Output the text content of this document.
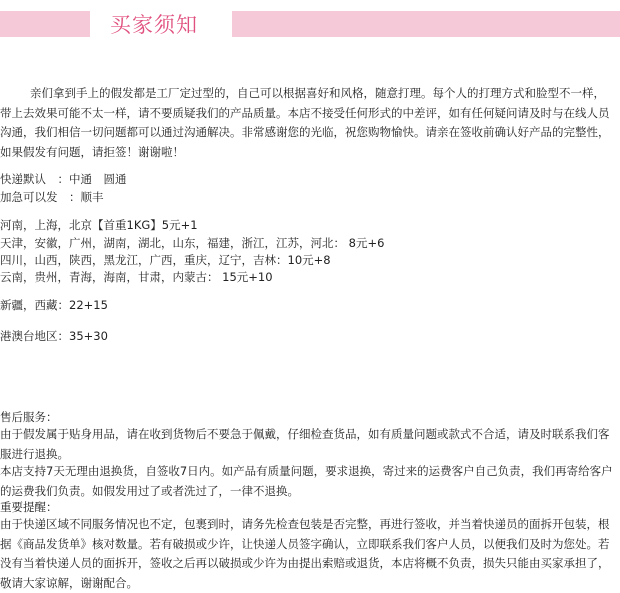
买家须知
亲们拿到手上的假发都是工厂定过型的，自己可以根据喜好和风格，随意打理。每个人的打理方式和脸型不一样，带上去效果可能不太一样，请不要质疑我们的产品质量。本店不接受任何形式的中差评，如有任何疑问请及时与在线人员沟通，我们相信一切问题都可以通过沟通解决。非常感谢您的光临，祝您购物愉快。请亲在签收前确认好产品的完整性，如果假发有问题，请拒签！谢谢啦！
快递默认　：中通　圆通
加急可以发　：顺丰
河南，上海，北京【首重1KG】5元+1
天津，安徽，广州，湖南，湖北，山东，福建，浙江，江苏，河北： 8元+6
四川，山西，陕西，黑龙江，广西，重庆，辽宁，吉林：10元+8
云南，贵州，青海，海南，甘肃，内蒙古： 15元+10
新疆，西藏：22+15
港澳台地区：35+30
售后服务：
由于假发属于贴身用品，请在收到货物后不要急于佩戴，仔细检查货品，如有质量问题或款式不合适，请及时联系我们客服进行退换。
本店支持7天无理由退换货，自签收7日内。如产品有质量问题，要求退换，寄过来的运费客户自己负责，我们再寄给客户的运费我们负责。如假发用过了或者洗过了，一律不退换。
重要提醒：
由于快递区域不同服务情况也不定，包裹到时，请务先检查包装是否完整，再进行签收，并当着快递员的面拆开包装，根据《商品发货单》核对数量。若有破损或少许，让快递人员签字确认，立即联系我们客户人员，以便我们及时为您处。若没有当着快递人员的面拆开，签收之后再以破损或少许为由提出索赔或退货，本店将概不负责，损失只能由买家承担了，敬请大家谅解，谢谢配合。
